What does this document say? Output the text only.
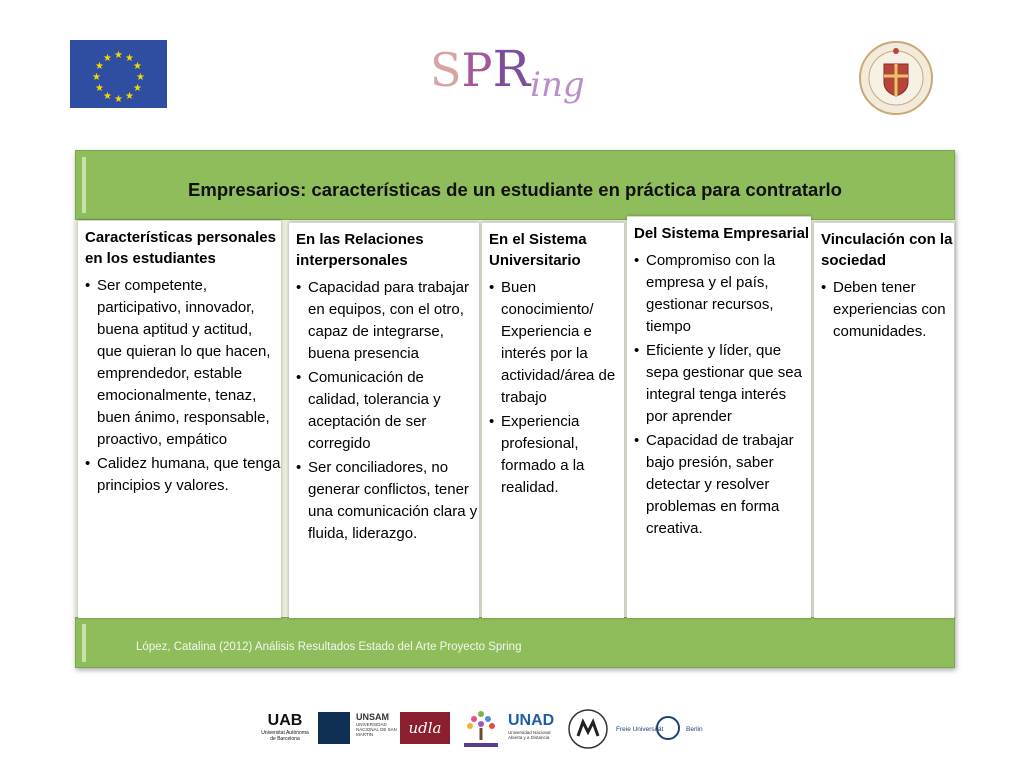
★ ★
★
★
★
★
★
★
★
★
★
★	SPRing
Empresarios: características de un estudiante en práctica para contratarlo
López, Catalina (2012) Análisis Resultados Estado del Arte Proyecto Spring
Características personales en los estudiantes
• Ser competente, participativo, innovador, buena aptitud y actitud, que quieran lo que hacen, emprendedor, estable emocionalmente, tenaz, buen ánimo, responsable, proactivo, empático
• Calidez humana, que tenga principios y valores.
En las Relaciones interpersonales
• Capacidad para trabajar en equipos, con el otro, capaz de integrarse, buena presencia
• Comunicación de calidad, tolerancia y aceptación de ser corregido
• Ser conciliadores, no generar conflictos, tener una comunicación clara y fluida, liderazgo.
En el Sistema Universitario
• Buen conocimiento/ Experiencia e interés por la actividad/área de trabajo
• Experiencia profesional, formado a la realidad.
Del Sistema Empresarial
• Compromiso con la empresa y el país, gestionar recursos, tiempo
• Eficiente y líder, que sepa gestionar que sea integral tenga interés por aprender
• Capacidad de trabajar bajo presión, saber detectar y resolver problemas en forma creativa.
Vinculación con la sociedad
• Deben tener experiencias con comunidades.
UAB
Universitat Autònoma de Barcelona
UNSAM
UNIVERSIDAD NACIONAL DE SAN MARTÍN	udla	UNAD
Universidad Nacional Abierta y a Distancia
Freie Universität	Berlin
